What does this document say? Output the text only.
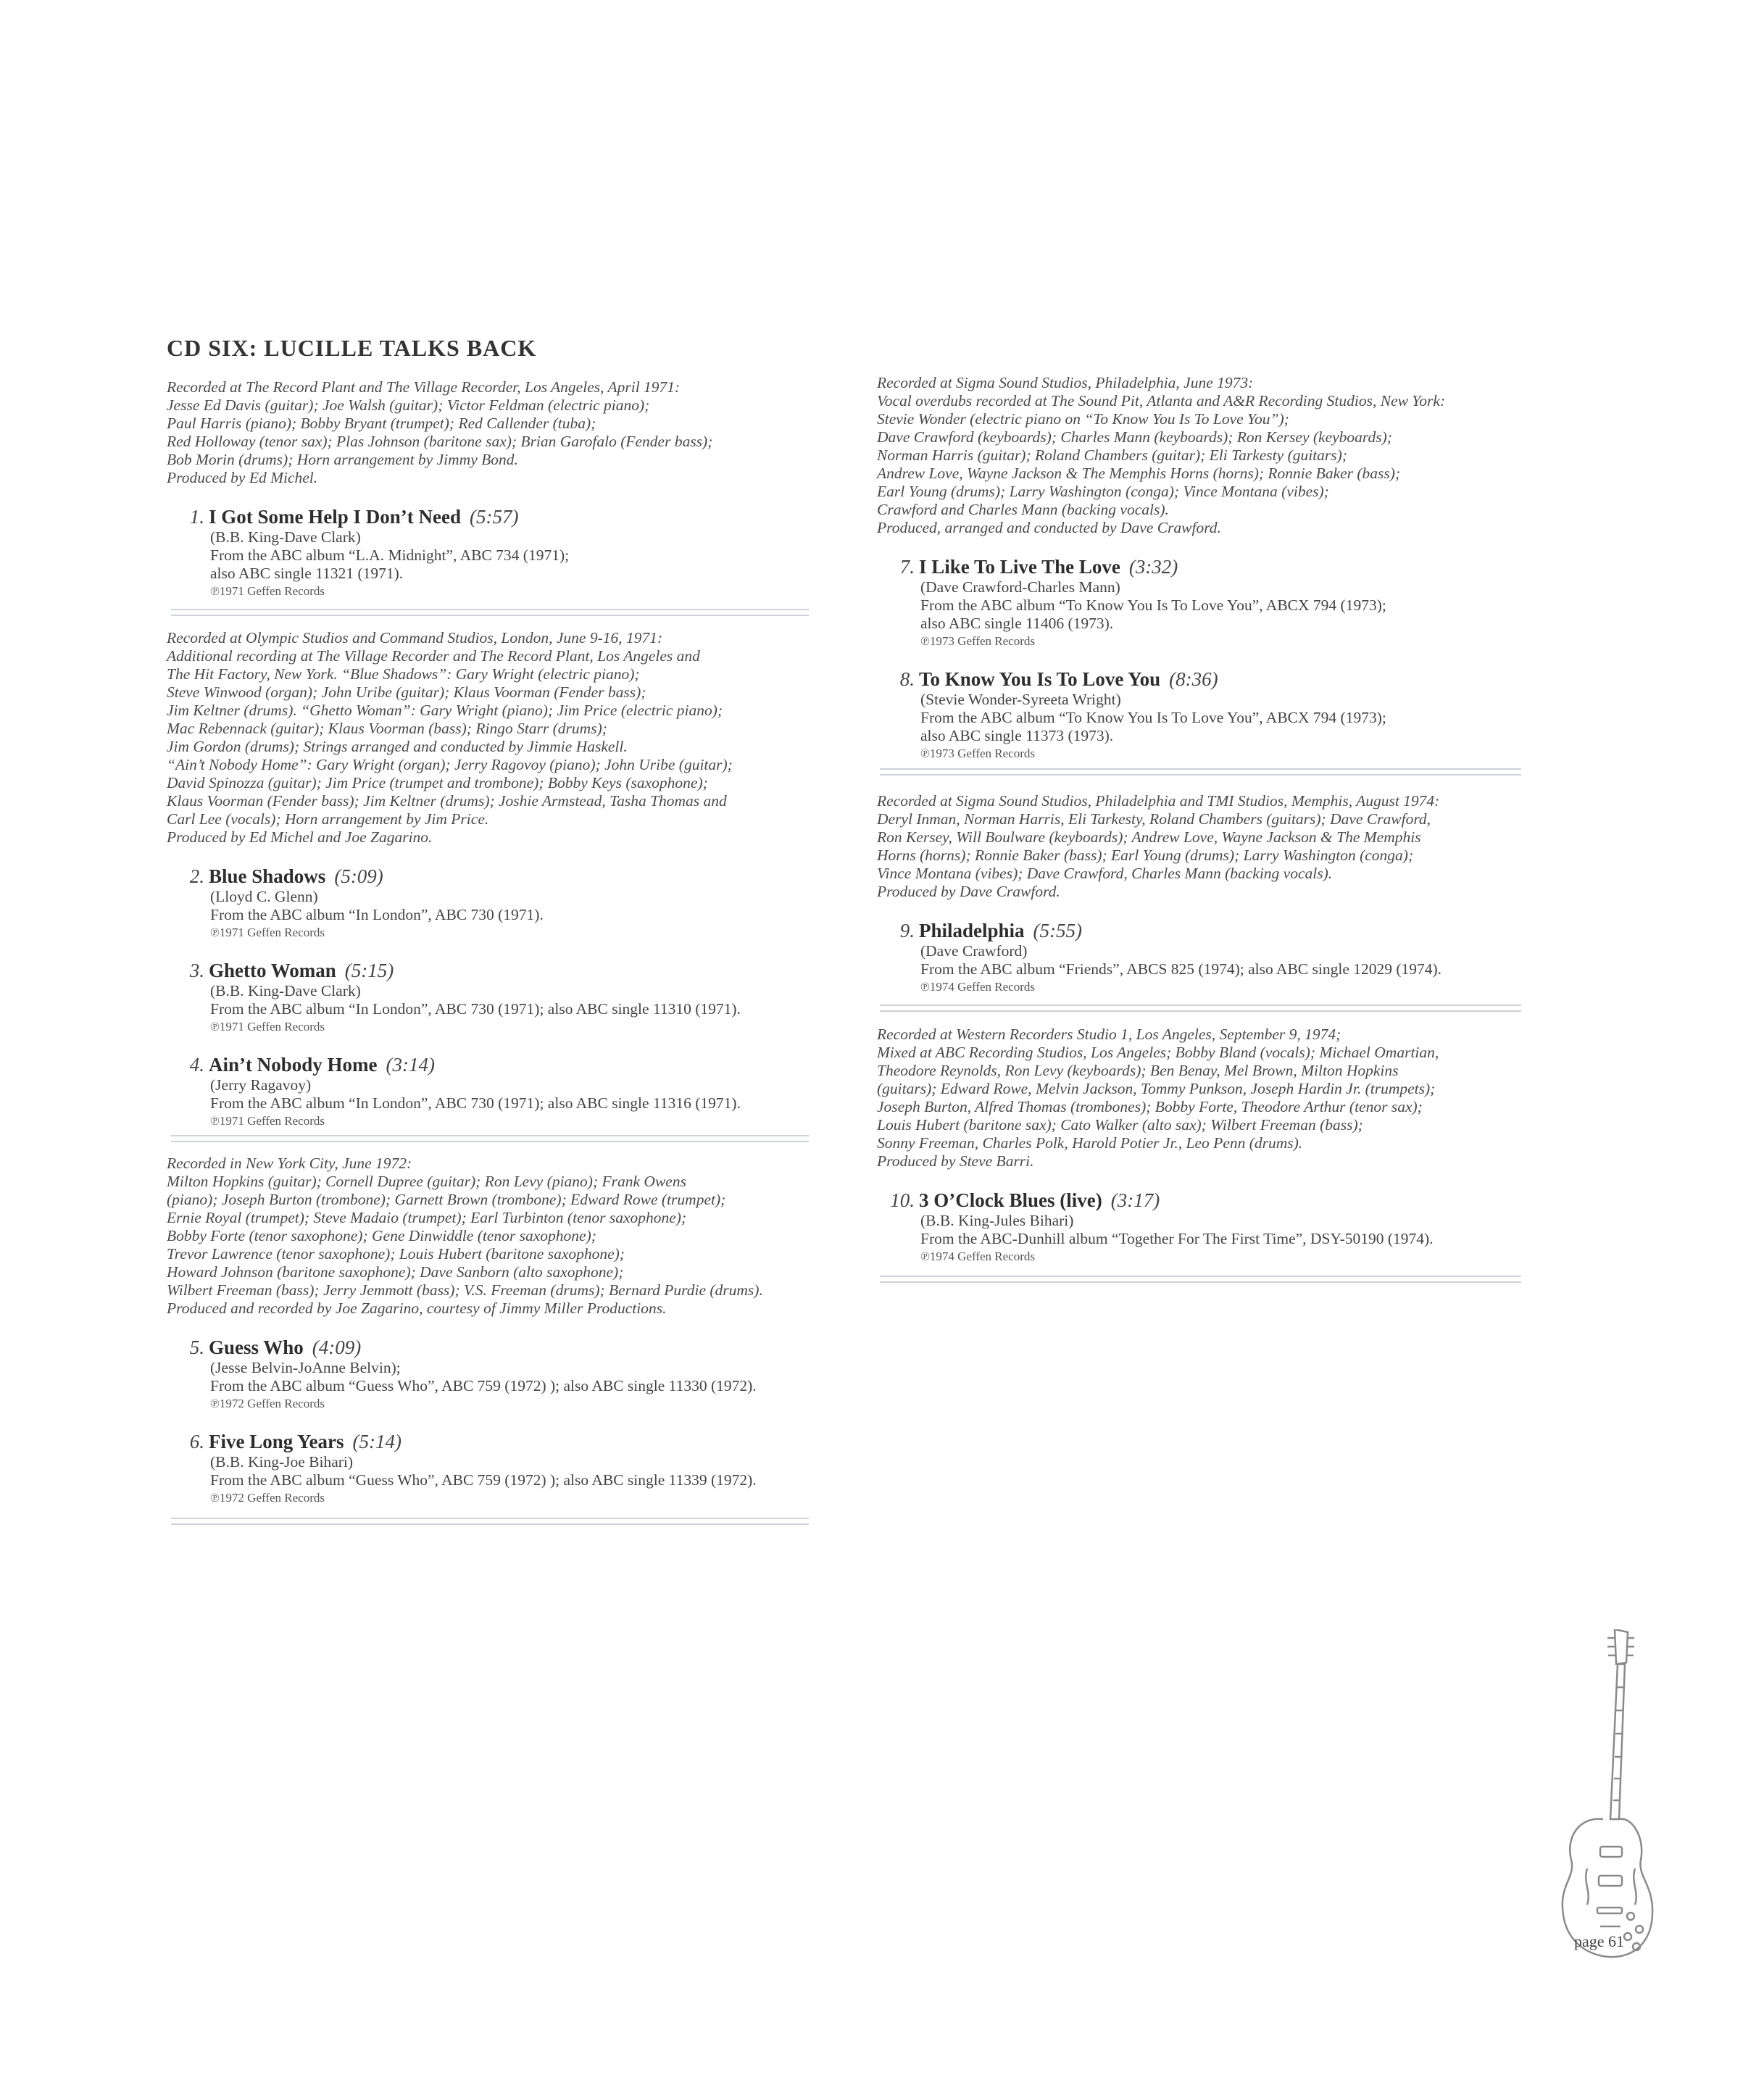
CD SIX: LUCILLE TALKS BACK
Recorded at The Record Plant and The Village Recorder, Los Angeles, April 1971:
Jesse Ed Davis (guitar); Joe Walsh (guitar); Victor Feldman (electric piano);
Paul Harris (piano); Bobby Bryant (trumpet); Red Callender (tuba);
Red Holloway (tenor sax); Plas Johnson (baritone sax); Brian Garofalo (Fender bass);
Bob Morin (drums); Horn arrangement by Jimmy Bond.
Produced by Ed Michel.
1. I Got Some Help I Don’t Need (5:57)
(B.B. King-Dave Clark)
From the ABC album “L.A. Midnight”, ABC 734 (1971);
also ABC single 11321 (1971).
℗1971 Geffen Records
Recorded at Olympic Studios and Command Studios, London, June 9-16, 1971:
Additional recording at The Village Recorder and The Record Plant, Los Angeles and
The Hit Factory, New York. “Blue Shadows”: Gary Wright (electric piano);
Steve Winwood (organ); John Uribe (guitar); Klaus Voorman (Fender bass);
Jim Keltner (drums). “Ghetto Woman”: Gary Wright (piano); Jim Price (electric piano);
Mac Rebennack (guitar); Klaus Voorman (bass); Ringo Starr (drums);
Jim Gordon (drums); Strings arranged and conducted by Jimmie Haskell.
“Ain’t Nobody Home”: Gary Wright (organ); Jerry Ragovoy (piano); John Uribe (guitar);
David Spinozza (guitar); Jim Price (trumpet and trombone); Bobby Keys (saxophone);
Klaus Voorman (Fender bass); Jim Keltner (drums); Joshie Armstead, Tasha Thomas and
Carl Lee (vocals); Horn arrangement by Jim Price.
Produced by Ed Michel and Joe Zagarino.
2. Blue Shadows (5:09)
(Lloyd C. Glenn)
From the ABC album “In London”, ABC 730 (1971).
℗1971 Geffen Records
3. Ghetto Woman (5:15)
(B.B. King-Dave Clark)
From the ABC album “In London”, ABC 730 (1971); also ABC single 11310 (1971).
℗1971 Geffen Records
4. Ain’t Nobody Home (3:14)
(Jerry Ragavoy)
From the ABC album “In London”, ABC 730 (1971); also ABC single 11316 (1971).
℗1971 Geffen Records
Recorded in New York City, June 1972:
Milton Hopkins (guitar); Cornell Dupree (guitar); Ron Levy (piano); Frank Owens
(piano); Joseph Burton (trombone); Garnett Brown (trombone); Edward Rowe (trumpet);
Ernie Royal (trumpet); Steve Madaio (trumpet); Earl Turbinton (tenor saxophone);
Bobby Forte (tenor saxophone); Gene Dinwiddle (tenor saxophone);
Trevor Lawrence (tenor saxophone); Louis Hubert (baritone saxophone);
Howard Johnson (baritone saxophone); Dave Sanborn (alto saxophone);
Wilbert Freeman (bass); Jerry Jemmott (bass); V.S. Freeman (drums); Bernard Purdie (drums).
Produced and recorded by Joe Zagarino, courtesy of Jimmy Miller Productions.
5. Guess Who (4:09)
(Jesse Belvin-JoAnne Belvin);
From the ABC album “Guess Who”, ABC 759 (1972) ); also ABC single 11330 (1972).
℗1972 Geffen Records
6. Five Long Years (5:14)
(B.B. King-Joe Bihari)
From the ABC album “Guess Who”, ABC 759 (1972) ); also ABC single 11339 (1972).
℗1972 Geffen Records
Recorded at Sigma Sound Studios, Philadelphia, June 1973:
Vocal overdubs recorded at The Sound Pit, Atlanta and A&R Recording Studios, New York:
Stevie Wonder (electric piano on “To Know You Is To Love You”);
Dave Crawford (keyboards); Charles Mann (keyboards); Ron Kersey (keyboards);
Norman Harris (guitar); Roland Chambers (guitar); Eli Tarkesty (guitars);
Andrew Love, Wayne Jackson & The Memphis Horns (horns); Ronnie Baker (bass);
Earl Young (drums); Larry Washington (conga); Vince Montana (vibes);
Crawford and Charles Mann (backing vocals).
Produced, arranged and conducted by Dave Crawford.
7. I Like To Live The Love (3:32)
(Dave Crawford-Charles Mann)
From the ABC album “To Know You Is To Love You”, ABCX 794 (1973);
also ABC single 11406 (1973).
℗1973 Geffen Records
8. To Know You Is To Love You (8:36)
(Stevie Wonder-Syreeta Wright)
From the ABC album “To Know You Is To Love You”, ABCX 794 (1973);
also ABC single 11373 (1973).
℗1973 Geffen Records
Recorded at Sigma Sound Studios, Philadelphia and TMI Studios, Memphis, August 1974:
Deryl Inman, Norman Harris, Eli Tarkesty, Roland Chambers (guitars); Dave Crawford,
Ron Kersey, Will Boulware (keyboards); Andrew Love, Wayne Jackson & The Memphis
Horns (horns); Ronnie Baker (bass); Earl Young (drums); Larry Washington (conga);
Vince Montana (vibes); Dave Crawford, Charles Mann (backing vocals).
Produced by Dave Crawford.
9. Philadelphia (5:55)
(Dave Crawford)
From the ABC album “Friends”, ABCS 825 (1974); also ABC single 12029 (1974).
℗1974 Geffen Records
Recorded at Western Recorders Studio 1, Los Angeles, September 9, 1974;
Mixed at ABC Recording Studios, Los Angeles; Bobby Bland (vocals); Michael Omartian,
Theodore Reynolds, Ron Levy (keyboards); Ben Benay, Mel Brown, Milton Hopkins
(guitars); Edward Rowe, Melvin Jackson, Tommy Punkson, Joseph Hardin Jr. (trumpets);
Joseph Burton, Alfred Thomas (trombones); Bobby Forte, Theodore Arthur (tenor sax);
Louis Hubert (baritone sax); Cato Walker (alto sax); Wilbert Freeman (bass);
Sonny Freeman, Charles Polk, Harold Potier Jr., Leo Penn (drums).
Produced by Steve Barri.
10. 3 O’Clock Blues (live) (3:17)
(B.B. King-Jules Bihari)
From the ABC-Dunhill album “Together For The First Time”, DSY-50190 (1974).
℗1974 Geffen Records
page 61
